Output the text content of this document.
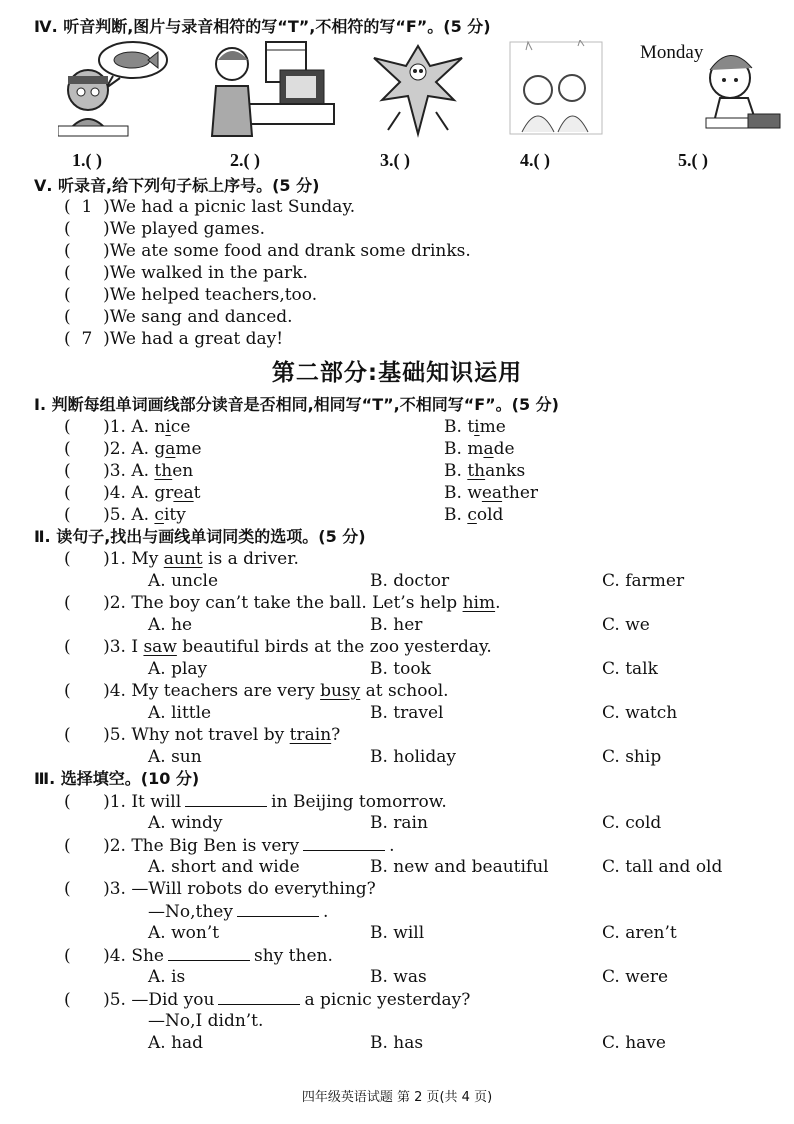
Ⅳ. 听音判断,图片与录音相符的写“T”,不相符的写“F”。(5 分)
Monday
1.( )	2.( )	3.( )	4.( )	5.( )
Ⅴ. 听录音,给下列句子标上序号。(5 分)
(  1  )We had a picnic last Sunday.
(      )We played games.
(      )We ate some food and drank some drinks.
(      )We walked in the park.
(      )We helped teachers,too.
(      )We sang and danced.
(  7  )We had a great day!
第二部分:基础知识运用
Ⅰ. 判断每组单词画线部分读音是否相同,相同写“T”,不相同写“F”。(5 分)
(      )1. A. nice	B. time
(      )2. A. game	B. made
(      )3. A. then	B. thanks
(      )4. A. great	B. weather
(      )5. A. city	B. cold
Ⅱ. 读句子,找出与画线单词同类的选项。(5 分)
(      )1. My aunt is a driver.
A. uncle	B. doctor	C. farmer
(      )2. The boy can’t take the ball. Let’s help him.
A. he	B. her	C. we
(      )3. I saw beautiful birds at the zoo yesterday.
A. play	B. took	C. talk
(      )4. My teachers are very busy at school.
A. little	B. travel	C. watch
(      )5. Why not travel by train?
A. sun	B. holiday	C. ship
Ⅲ. 选择填空。(10 分)
(      )1. It will	in Beijing tomorrow.
A. windy	B. rain	C. cold
(      )2. The Big Ben is very	.
A. short and wide	B. new and beautiful	C. tall and old
(      )3. —Will robots do everything?
—No,they	.
A. won’t	B. will	C. aren’t
(      )4. She	shy then.
A. is	B. was	C. were
(      )5. —Did you	a picnic yesterday?
—No,I didn’t.
A. had	B. has	C. have
四年级英语试题 第 2 页(共 4 页)
